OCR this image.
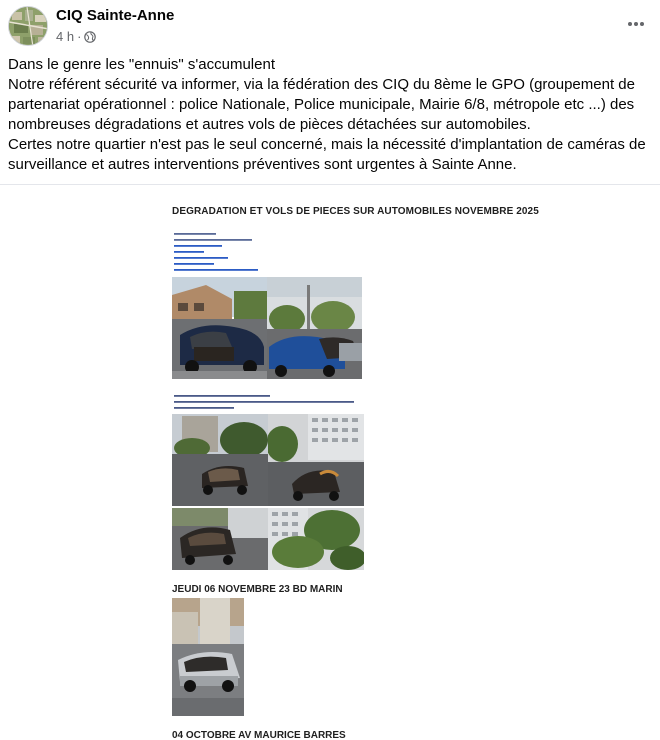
CIQ Sainte-Anne
4 h ·

Dans le genre les "ennuis" s'accumulent

Notre référent sécurité va informer, via la fédération des CIQ du 8ème le GPO (groupement de partenariat opérationnel : police Nationale, Police municipale, Mairie 6/8, métropole etc ...) des nombreuses dégradations et autres vols de pièces détachées sur automobiles.

Certes notre quartier n'est pas le seul concerné, mais la nécessité d'implantation de caméras de surveillance et autres interventions préventives sont urgentes à Sainte Anne.

DEGRADATION ET VOLS DE PIECES SUR AUTOMOBILES NOVEMBRE 2025
JEUDI 06 NOVEMBRE 23 BD MARIN
04 OCTOBRE AV MAURICE BARRES
